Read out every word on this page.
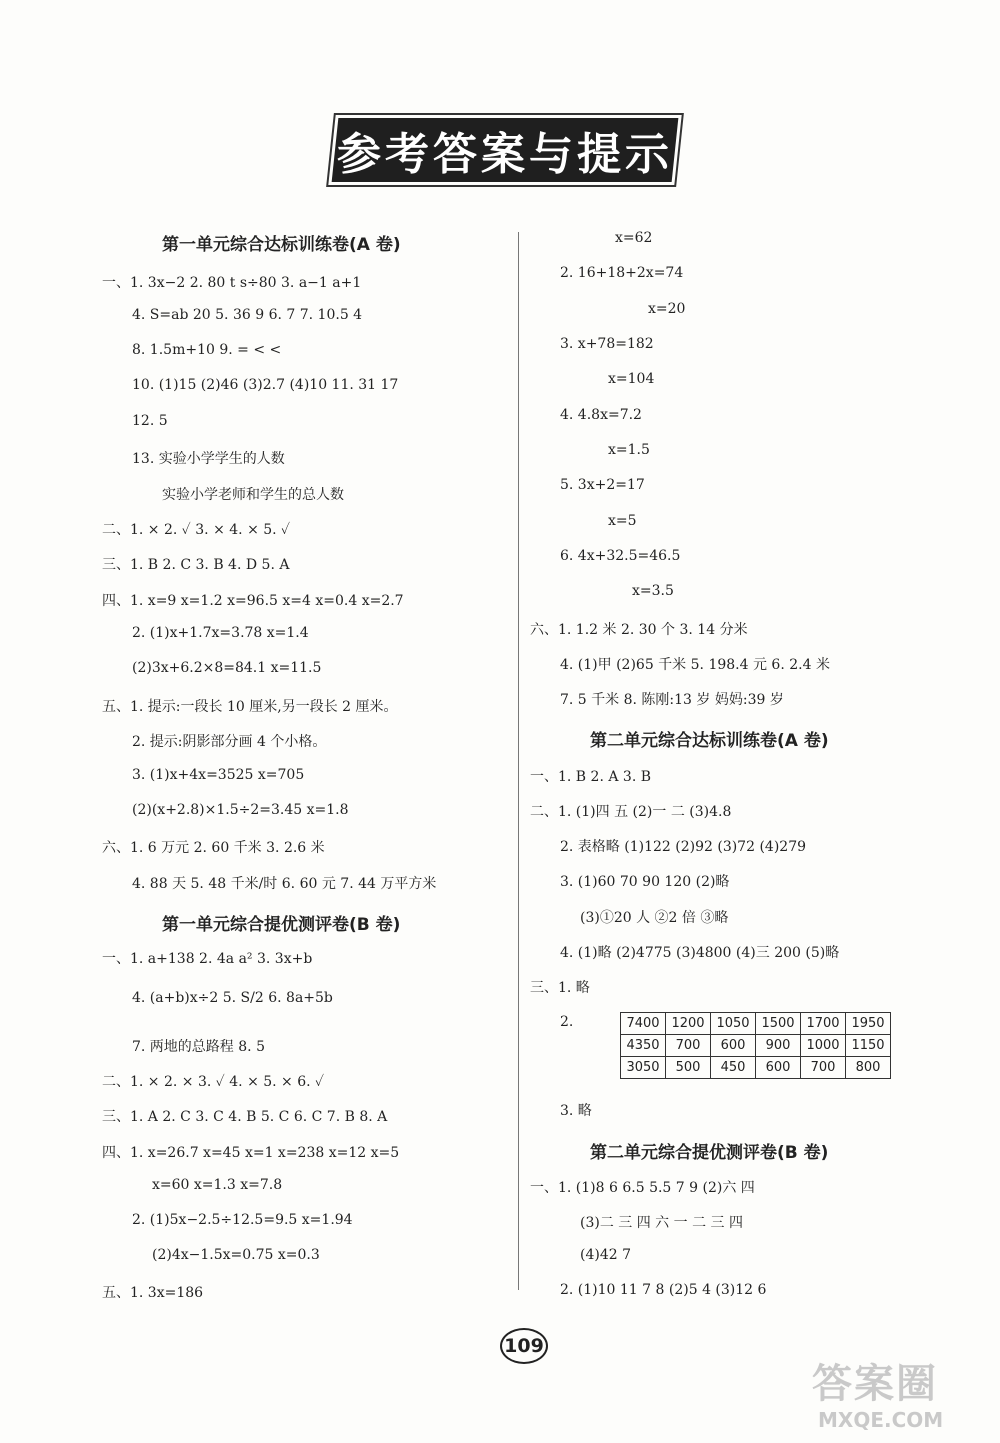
参考答案与提示
第一单元综合达标训练卷(A 卷)
一、1. 3x−2 2. 80 t s÷80 3. a−1 a+1
4. S=ab 20 5. 36 9 6. 7 7. 10.5 4
8. 1.5m+10 9. = < <
10. (1)15 (2)46 (3)2.7 (4)10 11. 31 17
12. 5
13. 实验小学学生的人数
实验小学老师和学生的总人数
二、1. × 2. ✓ 3. × 4. × 5. ✓
三、1. B 2. C 3. B 4. D 5. A
四、1. x=9 x=1.2 x=96.5 x=4 x=0.4 x=2.7
2. (1)x+1.7x=3.78 x=1.4
(2)3x+6.2×8=84.1 x=11.5
五、1. 提示:一段长 10 厘米,另一段长 2 厘米。
2. 提示:阴影部分画 4 个小格。
3. (1)x+4x=3525 x=705
(2)(x+2.8)×1.5÷2=3.45 x=1.8
六、1. 6 万元 2. 60 千米 3. 2.6 米
4. 88 天 5. 48 千米/时 6. 60 元 7. 44 万平方米
第一单元综合提优测评卷(B 卷)
一、1. a+138 2. 4a a² 3. 3x+b
4. (a+b)x÷2 5. S/2 6. 8a+5b
7. 两地的总路程 8. 5
二、1. × 2. × 3. ✓ 4. × 5. × 6. ✓
三、1. A 2. C 3. C 4. B 5. C 6. C 7. B 8. A
四、1. x=26.7 x=45 x=1 x=238 x=12 x=5
x=60 x=1.3 x=7.8
2. (1)5x−2.5÷12.5=9.5 x=1.94
(2)4x−1.5x=0.75 x=0.3
五、1. 3x=186
x=62
2. 16+18+2x=74
x=20
3. x+78=182
x=104
4. 4.8x=7.2
x=1.5
5. 3x+2=17
x=5
6. 4x+32.5=46.5
x=3.5
六、1. 1.2 米 2. 30 个 3. 14 分米
4. (1)甲 (2)65 千米 5. 198.4 元 6. 2.4 米
7. 5 千米 8. 陈刚:13 岁 妈妈:39 岁
第二单元综合达标训练卷(A 卷)
一、1. B 2. A 3. B
二、1. (1)四 五 (2)一 二 (3)4.8
2. 表格略 (1)122 (2)92 (3)72 (4)279
3. (1)60 70 90 120 (2)略
(3)①20 人 ②2 倍 ③略
4. (1)略 (2)4775 (3)4800 (4)三 200 (5)略
三、1. 略
2.	7400	1200	1050	1500	1700	1950
4350	700	600	900	1000	1150
3050	500	450	600	700	800
3. 略
第二单元综合提优测评卷(B 卷)
一、1. (1)8 6 6.5 5.5 7 9 (2)六 四
(3)二 三 四 六 一 二 三 四
(4)42 7
2. (1)10 11 7 8 (2)5 4 (3)12 6
109
答案圈
MXQE.COM
